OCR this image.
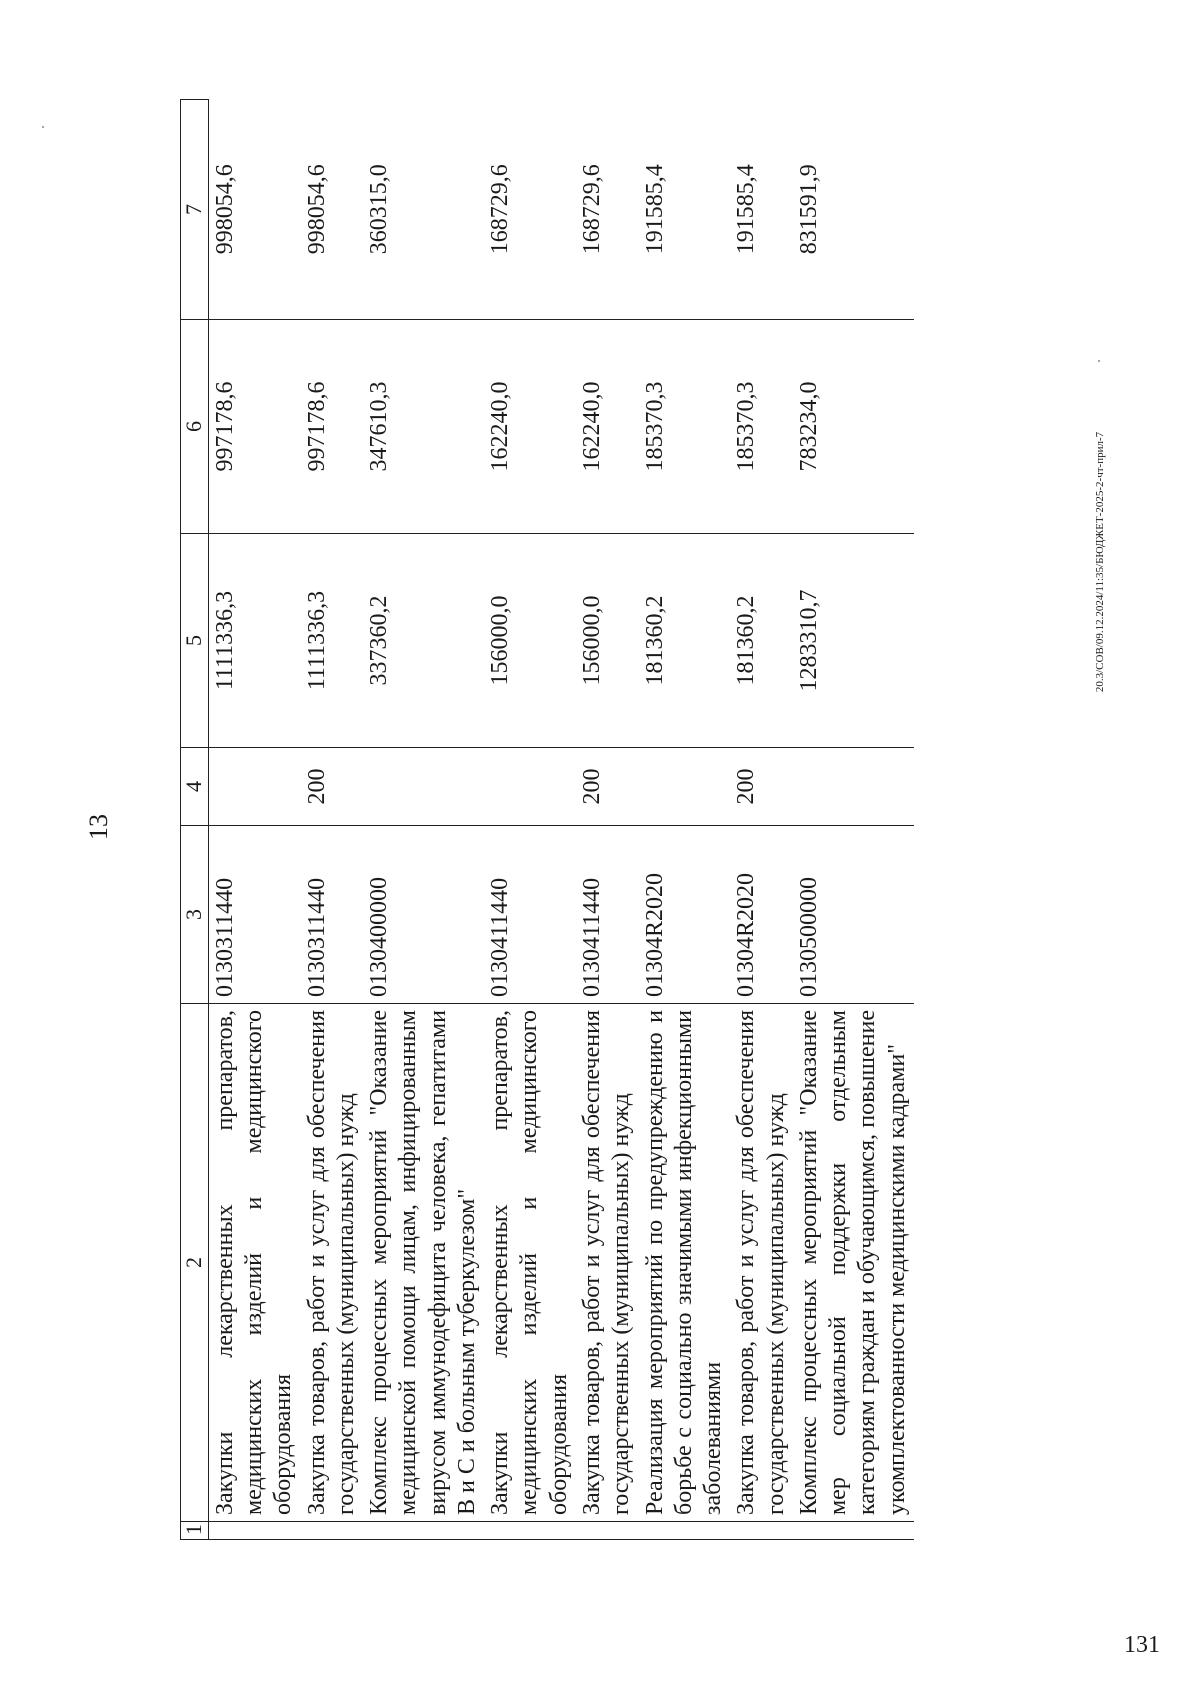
13
20.3/СОВ/09.12.2024/11:35/БЮДЖЕТ-2025-2-чт-прил-7
1	2	3	4	5	6	7
	Закупки лекарственных препаратов, медицинских изделий и медицинского оборудования	0130311440		1111336,3	997178,6	998054,6
	Закупка товаров, работ и услуг для обеспечения государственных (муниципальных) нужд	0130311440	200	1111336,3	997178,6	998054,6
	Комплекс процессных мероприятий "Оказание медицинской помощи лицам, инфицированным вирусом иммунодефицита человека, гепатитами В и С и больным туберкулезом"	0130400000		337360,2	347610,3	360315,0
	Закупки лекарственных препаратов, медицинских изделий и медицинского оборудования	0130411440		156000,0	162240,0	168729,6
	Закупка товаров, работ и услуг для обеспечения государственных (муниципальных) нужд	0130411440	200	156000,0	162240,0	168729,6
	Реализация мероприятий по предупреждению и борьбе с социально значимыми инфекционными заболеваниями	01304R2020		181360,2	185370,3	191585,4
	Закупка товаров, работ и услуг для обеспечения государственных (муниципальных) нужд	01304R2020	200	181360,2	185370,3	191585,4
	Комплекс процессных мероприятий "Оказание мер социальной поддержки отдельным категориям граждан и обучающимся, повышение укомплектованности медицинскими кадрами"	0130500000		1283310,7	783234,0	831591,9
131
